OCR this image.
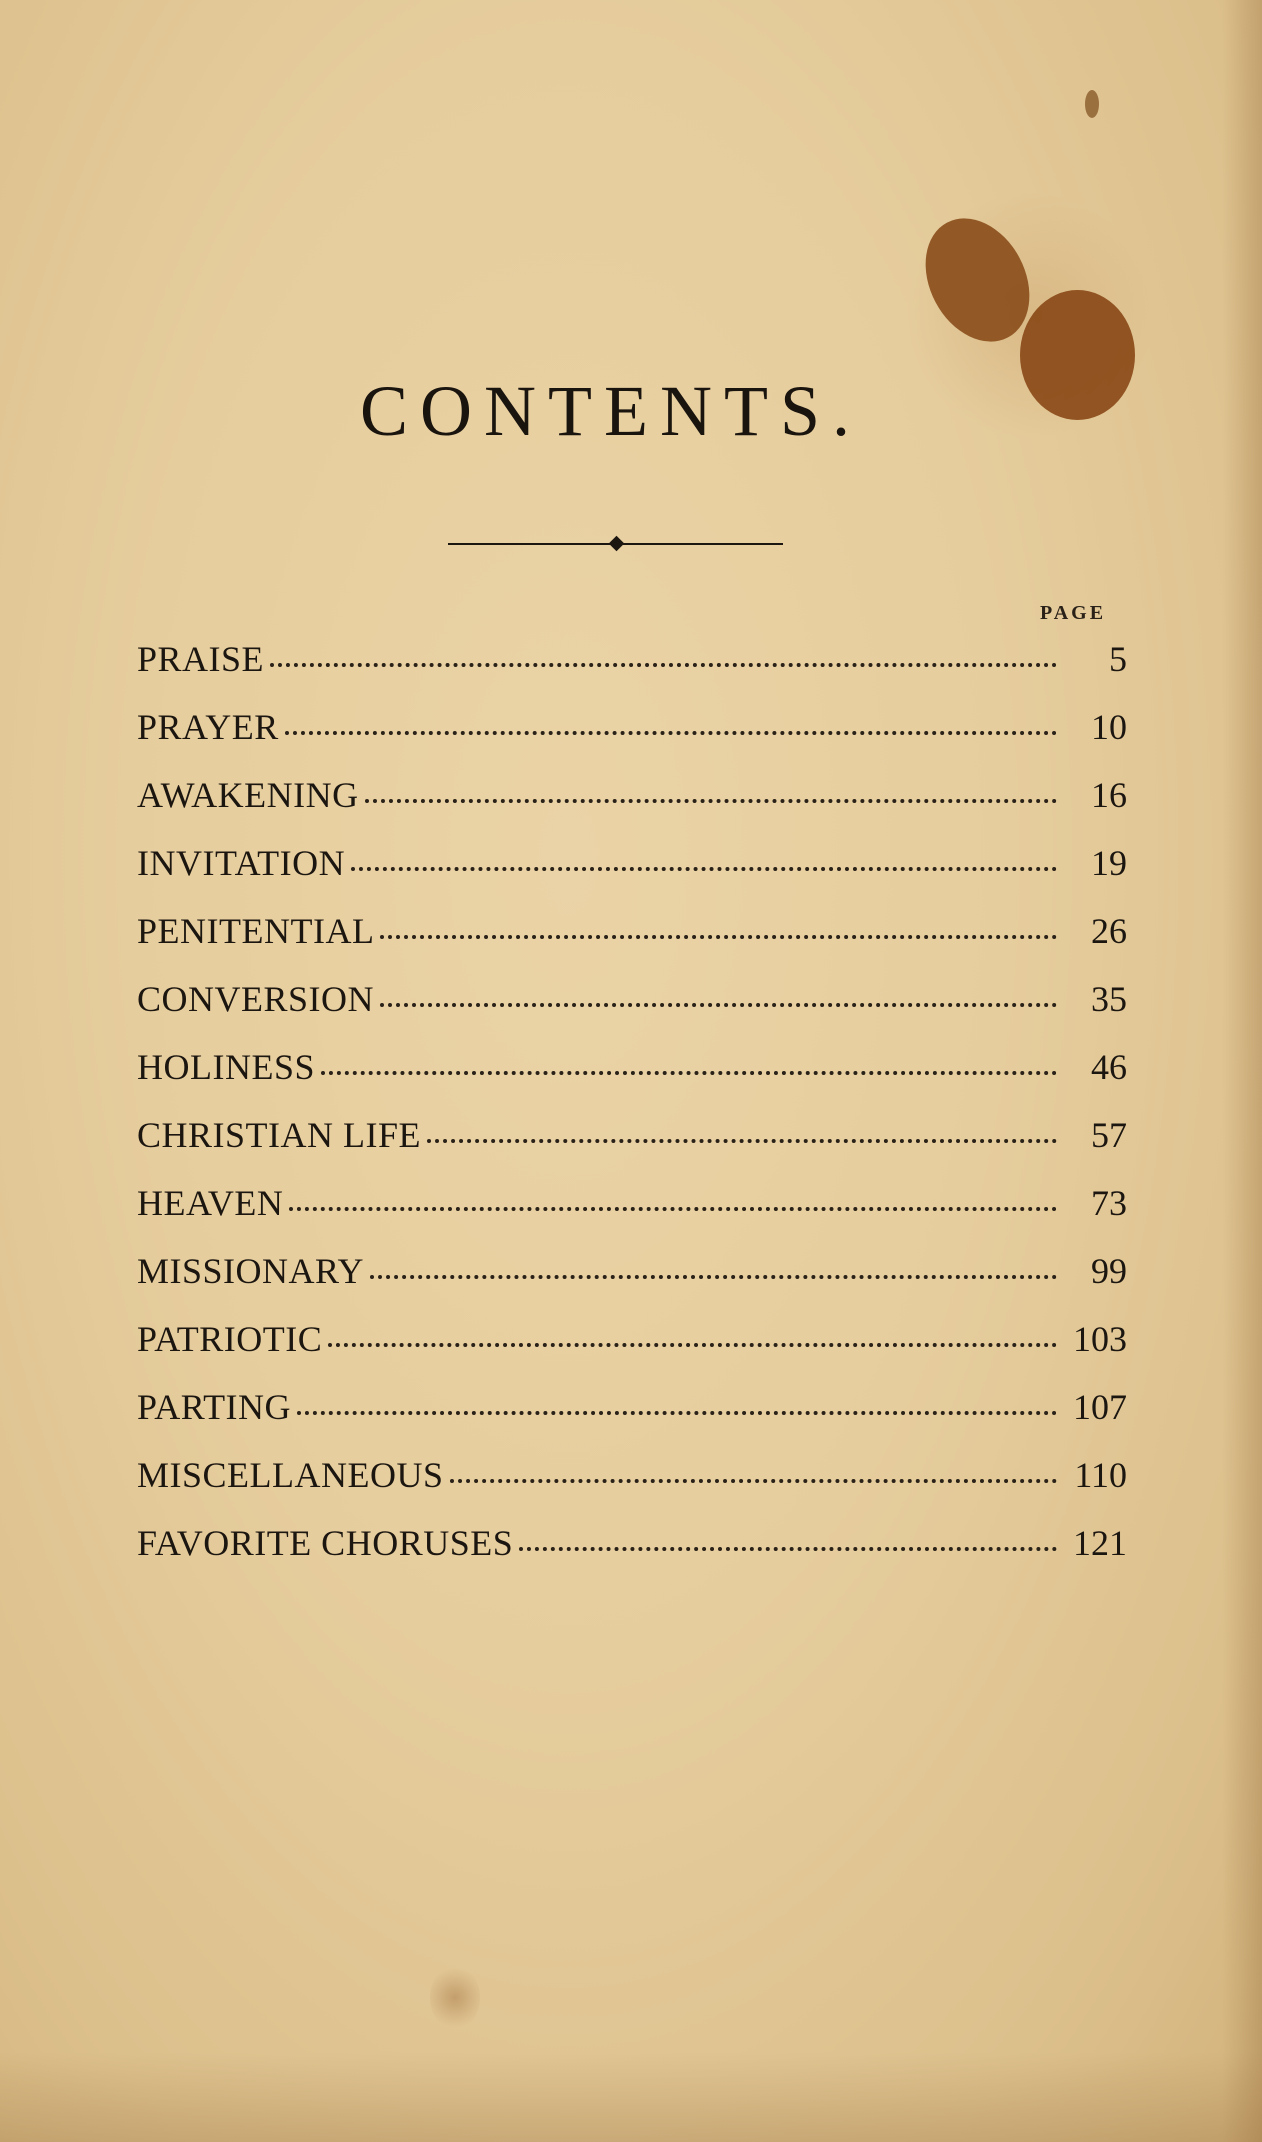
CONTENTS.
PAGE
PRAISE	5
PRAYER	10
AWAKENING	16
INVITATION	19
PENITENTIAL	26
CONVERSION	35
HOLINESS	46
CHRISTIAN LIFE	57
HEAVEN	73
MISSIONARY	99
PATRIOTIC	103
PARTING	107
MISCELLANEOUS	110
FAVORITE CHORUSES	121
